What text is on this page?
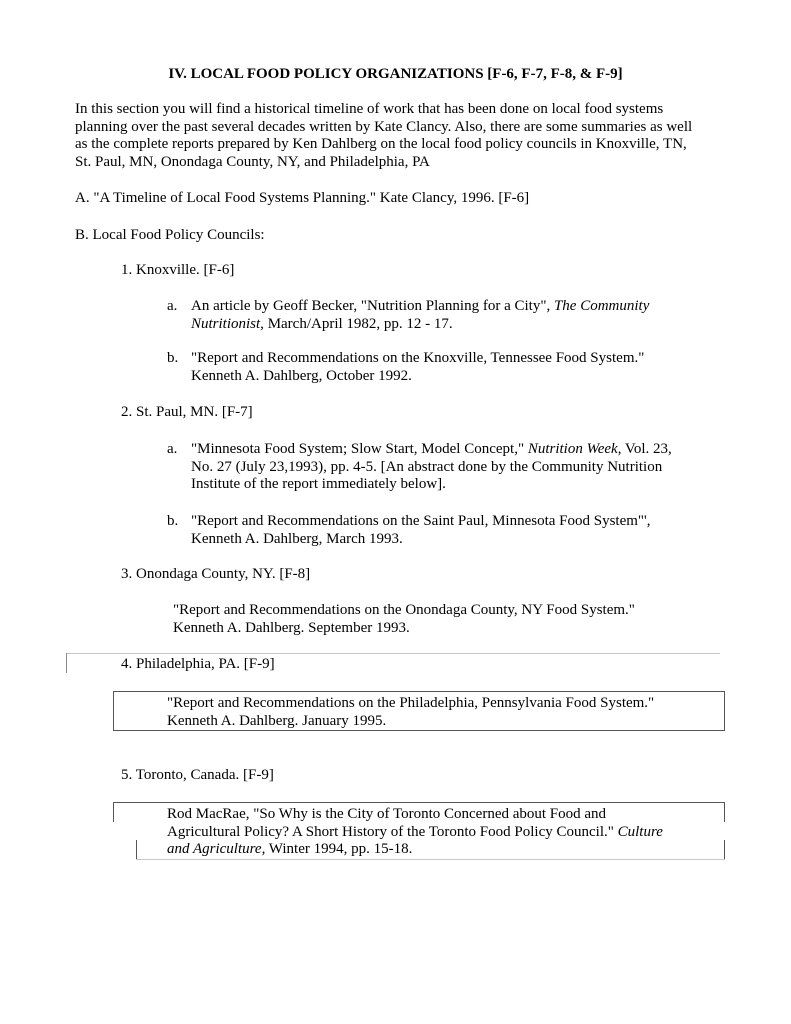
IV. LOCAL FOOD POLICY ORGANIZATIONS [F-6, F-7, F-8, & F-9]
In this section you will find a historical timeline of work that has been done on local food systems
planning over the past several decades written by Kate Clancy. Also, there are some summaries as well
as the complete reports prepared by Ken Dahlberg on the local food policy councils in Knoxville, TN,
St. Paul, MN, Onondaga County, NY, and Philadelphia, PA
A. "A Timeline of Local Food Systems Planning." Kate Clancy, 1996. [F-6]
B. Local Food Policy Councils:
1. Knoxville. [F-6]
a. An article by Geoff Becker, "Nutrition Planning for a City", The Community
Nutritionist, March/April 1982, pp. 12 - 17.
b. "Report and Recommendations on the Knoxville, Tennessee Food System."
Kenneth A. Dahlberg, October 1992.
2. St. Paul, MN. [F-7]
a. "Minnesota Food System; Slow Start, Model Concept," Nutrition Week, Vol. 23,
No. 27 (July 23,1993), pp. 4-5. [An abstract done by the Community Nutrition
Institute of the report immediately below].
b. "Report and Recommendations on the Saint Paul, Minnesota Food System"',
Kenneth A. Dahlberg, March 1993.
3. Onondaga County, NY. [F-8]
"Report and Recommendations on the Onondaga County, NY Food System."
Kenneth A. Dahlberg. September 1993.
4. Philadelphia, PA. [F-9]
"Report and Recommendations on the Philadelphia, Pennsylvania Food System."
Kenneth A. Dahlberg. January 1995.
5. Toronto, Canada. [F-9]
Rod MacRae, "So Why is the City of Toronto Concerned about Food and
Agricultural Policy? A Short History of the Toronto Food Policy Council." Culture
and Agriculture, Winter 1994, pp. 15-18.
